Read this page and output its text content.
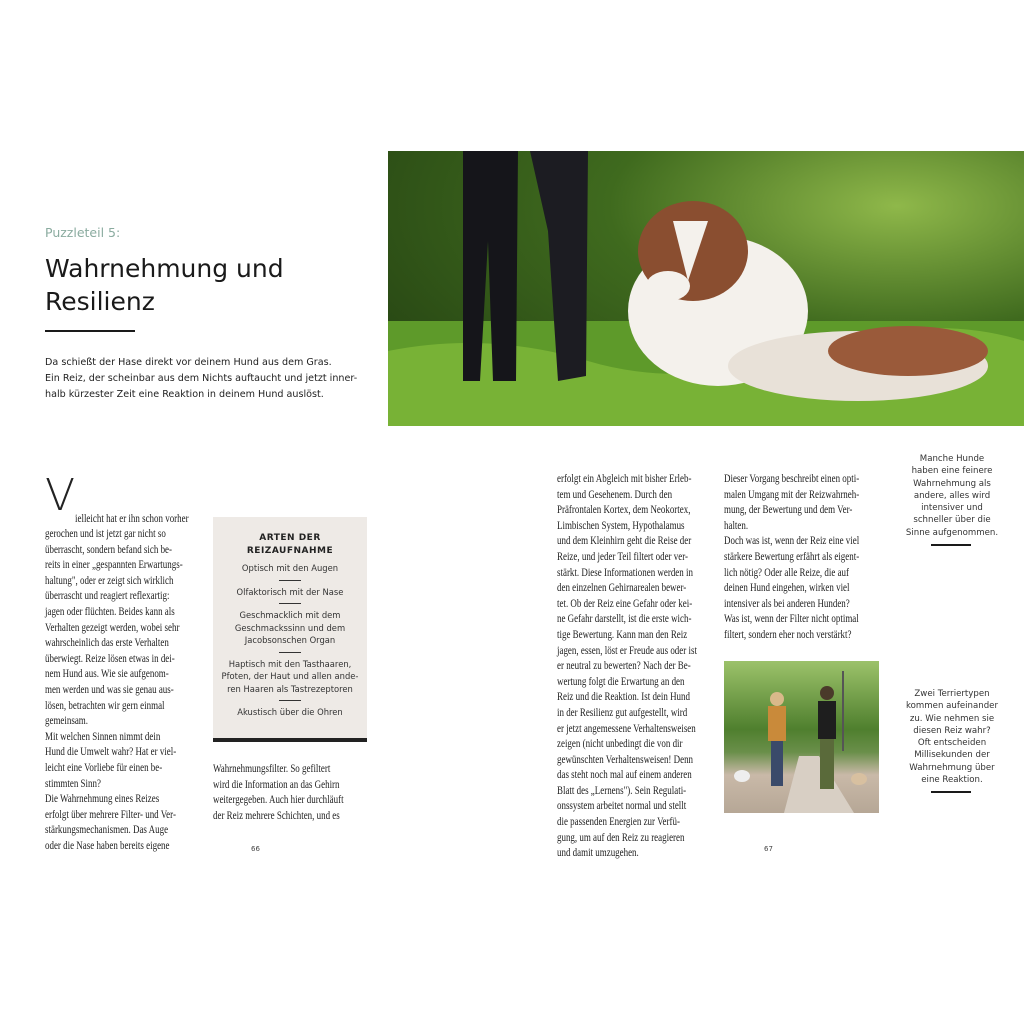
Puzzleteil 5:
Wahrnehmung und
Resilienz
Da schießt der Hase direkt vor deinem Hund aus dem Gras.
Ein Reiz, der scheinbar aus dem Nichts auftaucht und jetzt inner-
halb kürzester Zeit eine Reaktion in deinem Hund auslöst.
V ielleicht hat er ihn schon vorher
gerochen und ist jetzt gar nicht so
überrascht, sondern befand sich be-
reits in einer „gespannten Erwartungs-
haltung", oder er zeigt sich wirklich
überrascht und reagiert reflexartig:
jagen oder flüchten. Beides kann als
Verhalten gezeigt werden, wobei sehr
wahrscheinlich das erste Verhalten
überwiegt. Reize lösen etwas in dei-
nem Hund aus. Wie sie aufgenom-
men werden und was sie genau aus-
lösen, betrachten wir gern einmal
gemeinsam.
Mit welchen Sinnen nimmt dein
Hund die Umwelt wahr? Hat er viel-
leicht eine Vorliebe für einen be-
stimmten Sinn?
Die Wahrnehmung eines Reizes
erfolgt über mehrere Filter- und Ver-
stärkungsmechanismen. Das Auge
oder die Nase haben bereits eigene
ARTEN DER
REIZAUFNAHME
Optisch mit den Augen
Olfaktorisch mit der Nase
Geschmacklich mit dem
Geschmackssinn und dem
Jacobsonschen Organ
Haptisch mit den Tasthaaren,
Pfoten, der Haut und allen ande-
ren Haaren als Tastrezeptoren
Akustisch über die Ohren
Wahrnehmungsfilter. So gefiltert
wird die Information an das Gehirn
weitergegeben. Auch hier durchläuft
der Reiz mehrere Schichten, und es
66
erfolgt ein Abgleich mit bisher Erleb-
tem und Gesehenem. Durch den
Präfrontalen Kortex, dem Neokortex,
Limbischen System, Hypothalamus
und dem Kleinhirn geht die Reise der
Reize, und jeder Teil filtert oder ver-
stärkt. Diese Informationen werden in
den einzelnen Gehirnarealen bewer-
tet. Ob der Reiz eine Gefahr oder kei-
ne Gefahr darstellt, ist die erste wich-
tige Bewertung. Kann man den Reiz
jagen, essen, löst er Freude aus oder ist
er neutral zu bewerten? Nach der Be-
wertung folgt die Erwartung an den
Reiz und die Reaktion. Ist dein Hund
in der Resilienz gut aufgestellt, wird
er jetzt angemessene Verhaltensweisen
zeigen (nicht unbedingt die von dir
gewünschten Verhaltensweisen! Denn
das steht noch mal auf einem anderen
Blatt des „Lernens"). Sein Regulati-
onssystem arbeitet normal und stellt
die passenden Energien zur Verfü-
gung, um auf den Reiz zu reagieren
und damit umzugehen.
Dieser Vorgang beschreibt einen opti-
malen Umgang mit der Reizwahrneh-
mung, der Bewertung und dem Ver-
halten.
Doch was ist, wenn der Reiz eine viel
stärkere Bewertung erfährt als eigent-
lich nötig? Oder alle Reize, die auf
deinen Hund eingehen, wirken viel
intensiver als bei anderen Hunden?
Was ist, wenn der Filter nicht optimal
filtert, sondern eher noch verstärkt?
Manche Hunde
haben eine feinere
Wahrnehmung als
andere, alles wird
intensiver und
schneller über die
Sinne aufgenommen.
Zwei Terriertypen
kommen aufeinander
zu. Wie nehmen sie
diesen Reiz wahr?
Oft entscheiden
Millisekunden der
Wahrnehmung über
eine Reaktion.
67
